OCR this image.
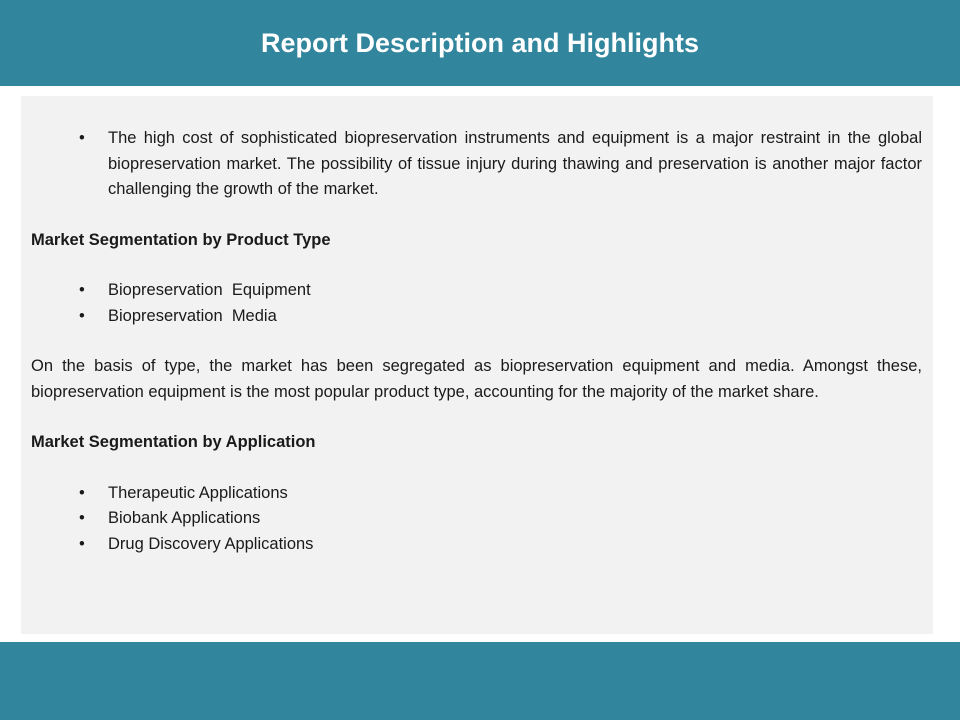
Report Description and Highlights
• The high cost of sophisticated biopreservation instruments and equipment is a major restraint in the global biopreservation market. The possibility of tissue injury during thawing and preservation is another major factor challenging the growth of the market.

Market Segmentation by Product Type

• Biopreservation  Equipment
• Biopreservation  Media

On the basis of type, the market has been segregated as biopreservation equipment and media. Amongst these, biopreservation equipment is the most popular product type, accounting for the majority of the market share.

Market Segmentation by Application

• Therapeutic Applications
• Biobank Applications
• Drug Discovery Applications
